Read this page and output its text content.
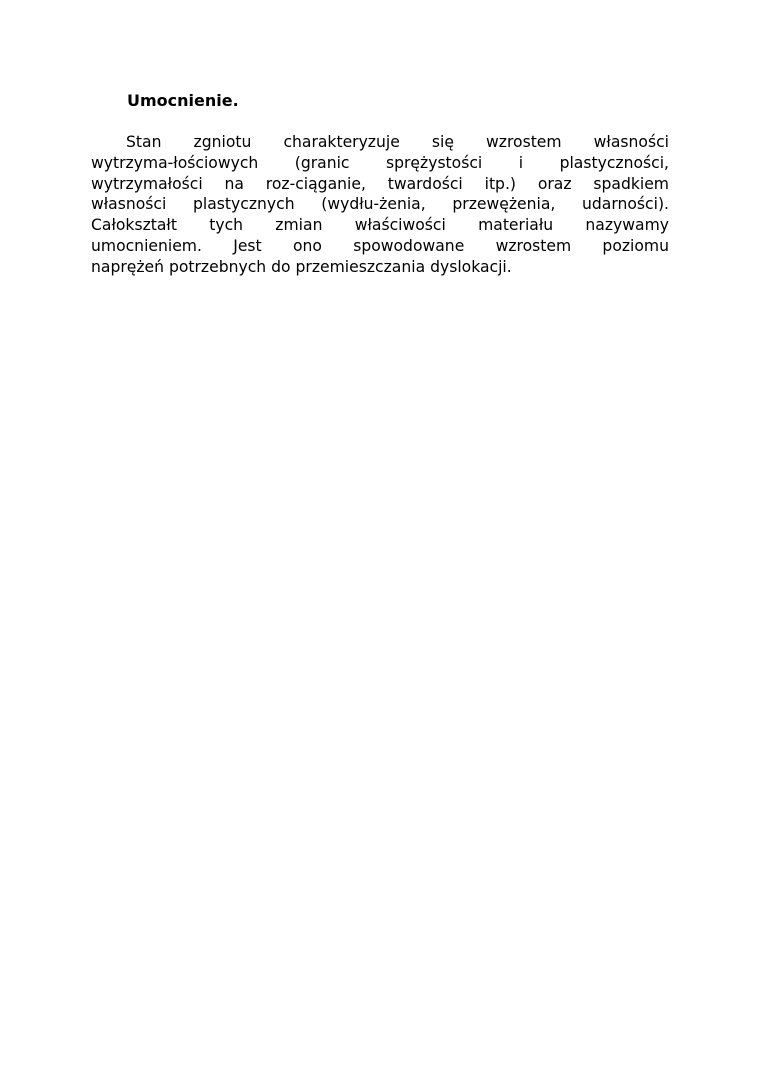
Umocnienie.
Stan zgniotu charakteryzuje się wzrostem własności
wytrzyma-łościowych (granic sprężystości i plastyczności,
wytrzymałości na roz-ciąganie, twardości itp.) oraz spadkiem
własności plastycznych (wydłu-żenia, przewężenia, udarności).
Całokształt tych zmian właściwości materiału nazywamy
umocnieniem. Jest ono spowodowane wzrostem poziomu
naprężeń potrzebnych do przemieszczania dyslokacji.
